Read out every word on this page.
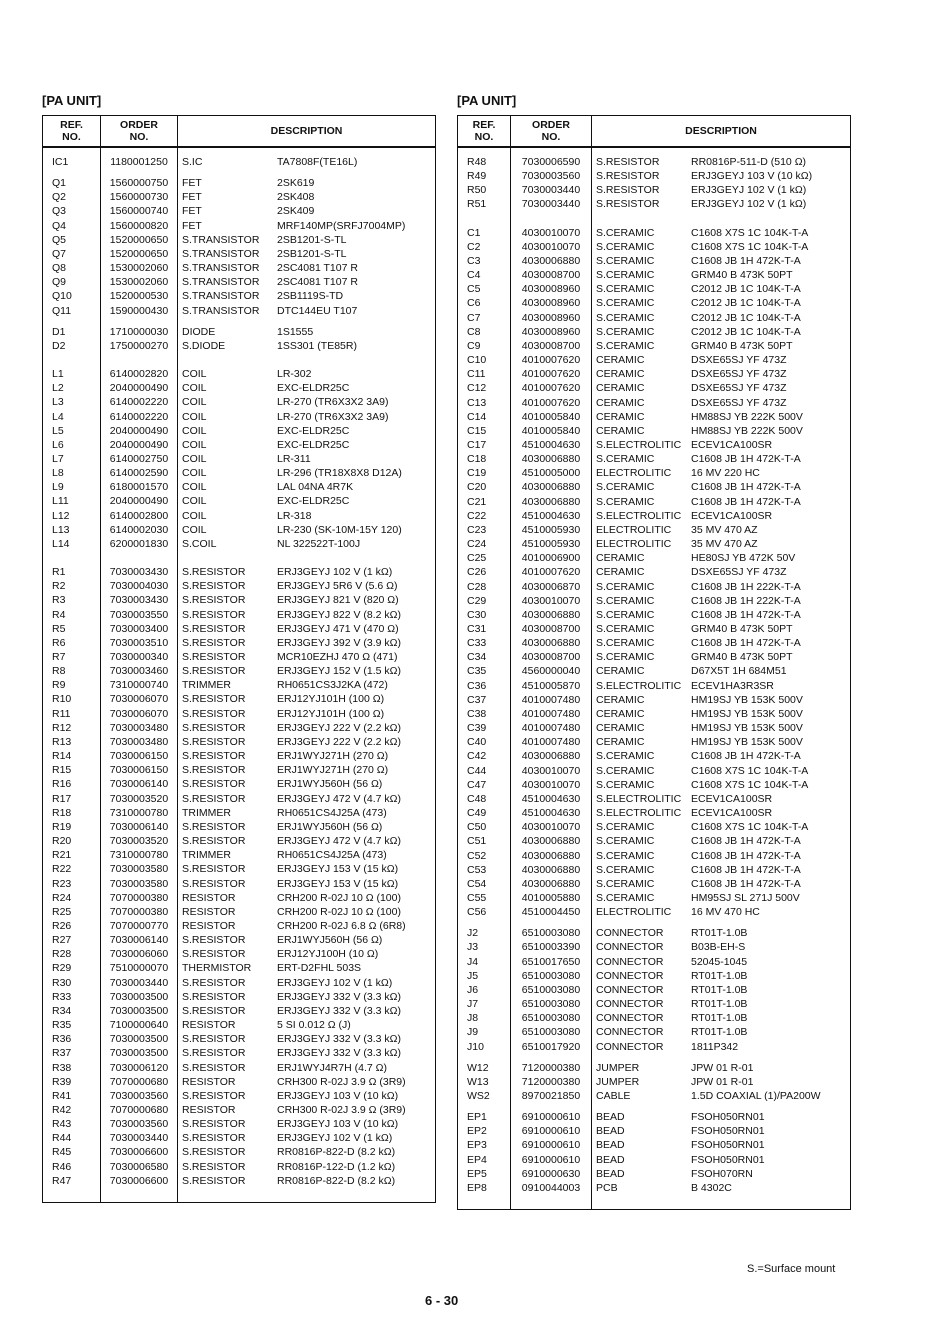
[PA UNIT]
REF.
NO.	ORDER
NO.	DESCRIPTION

IC1	1180001250	S.IC TA7808F(TE16L)

Q1	1560000750	FET 2SK619
Q2	1560000730	FET 2SK408
Q3	1560000740	FET 2SK409
Q4	1560000820	FET MRF140MP(SRFJ7004MP)
Q5	1520000650	S.TRANSISTOR 2SB1201-S-TL
Q7	1520000650	S.TRANSISTOR 2SB1201-S-TL
Q8	1530002060	S.TRANSISTOR 2SC4081 T107 R
Q9	1530002060	S.TRANSISTOR 2SC4081 T107 R
Q10	1520000530	S.TRANSISTOR 2SB1119S-TD
Q11	1590000430	S.TRANSISTOR DTC144EU T107

D1	1710000030	DIODE 1S1555
D2	1750000270	S.DIODE 1SS301 (TE85R)

L1	6140002820	COIL LR-302
L2	2040000490	COIL EXC-ELDR25C
L3	6140002220	COIL LR-270 (TR6X3X2 3A9)
L4	6140002220	COIL LR-270 (TR6X3X2 3A9)
L5	2040000490	COIL EXC-ELDR25C
L6	2040000490	COIL EXC-ELDR25C
L7	6140002750	COIL LR-311
L8	6140002590	COIL LR-296 (TR18X8X8 D12A)
L9	6180001570	COIL LAL 04NA 4R7K
L11	2040000490	COIL EXC-ELDR25C
L12	6140002800	COIL LR-318
L13	6140002030	COIL LR-230 (SK-10M-15Y 120)
L14	6200001830	S.COIL NL 322522T-100J

R1	7030003430	S.RESISTOR ERJ3GEYJ 102 V (1 kΩ)
R2	7030004030	S.RESISTOR ERJ3GEYJ 5R6 V (5.6 Ω)
R3	7030003430	S.RESISTOR ERJ3GEYJ 821 V (820 Ω)
R4	7030003550	S.RESISTOR ERJ3GEYJ 822 V (8.2 kΩ)
R5	7030003400	S.RESISTOR ERJ3GEYJ 471 V (470 Ω)
R6	7030003510	S.RESISTOR ERJ3GEYJ 392 V (3.9 kΩ)
R7	7030000340	S.RESISTOR MCR10EZHJ 470 Ω (471)
R8	7030003460	S.RESISTOR ERJ3GEYJ 152 V (1.5 kΩ)
R9	7310000740	TRIMMER RH0651CS3J2KA (472)
R10	7030006070	S.RESISTOR ERJ12YJ101H (100 Ω)
R11	7030006070	S.RESISTOR ERJ12YJ101H (100 Ω)
R12	7030003480	S.RESISTOR ERJ3GEYJ 222 V (2.2 kΩ)
R13	7030003480	S.RESISTOR ERJ3GEYJ 222 V (2.2 kΩ)
R14	7030006150	S.RESISTOR ERJ1WYJ271H (270 Ω)
R15	7030006150	S.RESISTOR ERJ1WYJ271H (270 Ω)
R16	7030006140	S.RESISTOR ERJ1WYJ560H (56 Ω)
R17	7030003520	S.RESISTOR ERJ3GEYJ 472 V (4.7 kΩ)
R18	7310000780	TRIMMER RH0651CS4J25A (473)
R19	7030006140	S.RESISTOR ERJ1WYJ560H (56 Ω)
R20	7030003520	S.RESISTOR ERJ3GEYJ 472 V (4.7 kΩ)
R21	7310000780	TRIMMER RH0651CS4J25A (473)
R22	7030003580	S.RESISTOR ERJ3GEYJ 153 V (15 kΩ)
R23	7030003580	S.RESISTOR ERJ3GEYJ 153 V (15 kΩ)
R24	7070000380	RESISTOR CRH200 R-02J 10 Ω (100)
R25	7070000380	RESISTOR CRH200 R-02J 10 Ω (100)
R26	7070000770	RESISTOR CRH200 R-02J 6.8 Ω (6R8)
R27	7030006140	S.RESISTOR ERJ1WYJ560H (56 Ω)
R28	7030006060	S.RESISTOR ERJ12YJ100H (10 Ω)
R29	7510000070	THERMISTOR ERT-D2FHL 503S
R30	7030003440	S.RESISTOR ERJ3GEYJ 102 V (1 kΩ)
R33	7030003500	S.RESISTOR ERJ3GEYJ 332 V (3.3 kΩ)
R34	7030003500	S.RESISTOR ERJ3GEYJ 332 V (3.3 kΩ)
R35	7100000640	RESISTOR 5 SI 0.012 Ω (J)
R36	7030003500	S.RESISTOR ERJ3GEYJ 332 V (3.3 kΩ)
R37	7030003500	S.RESISTOR ERJ3GEYJ 332 V (3.3 kΩ)
R38	7030006120	S.RESISTOR ERJ1WYJ4R7H (4.7 Ω)
R39	7070000680	RESISTOR CRH300 R-02J 3.9 Ω (3R9)
R41	7030003560	S.RESISTOR ERJ3GEYJ 103 V (10 kΩ)
R42	7070000680	RESISTOR CRH300 R-02J 3.9 Ω (3R9)
R43	7030003560	S.RESISTOR ERJ3GEYJ 103 V (10 kΩ)
R44	7030003440	S.RESISTOR ERJ3GEYJ 102 V (1 kΩ)
R45	7030006600	S.RESISTOR RR0816P-822-D (8.2 kΩ)
R46	7030006580	S.RESISTOR RR0816P-122-D (1.2 kΩ)
R47	7030006600	S.RESISTOR RR0816P-822-D (8.2 kΩ)

[PA UNIT]
REF.
NO.	ORDER
NO.	DESCRIPTION

R48	7030006590	S.RESISTOR RR0816P-511-D (510 Ω)
R49	7030003560	S.RESISTOR ERJ3GEYJ 103 V (10 kΩ)
R50	7030003440	S.RESISTOR ERJ3GEYJ 102 V (1 kΩ)
R51	7030003440	S.RESISTOR ERJ3GEYJ 102 V (1 kΩ)

C1	4030010070	S.CERAMIC C1608 X7S 1C 104K-T-A
C2	4030010070	S.CERAMIC C1608 X7S 1C 104K-T-A
C3	4030006880	S.CERAMIC C1608 JB 1H 472K-T-A
C4	4030008700	S.CERAMIC GRM40 B 473K 50PT
C5	4030008960	S.CERAMIC C2012 JB 1C 104K-T-A
C6	4030008960	S.CERAMIC C2012 JB 1C 104K-T-A
C7	4030008960	S.CERAMIC C2012 JB 1C 104K-T-A
C8	4030008960	S.CERAMIC C2012 JB 1C 104K-T-A
C9	4030008700	S.CERAMIC GRM40 B 473K 50PT
C10	4010007620	CERAMIC DSXE65SJ YF 473Z
C11	4010007620	CERAMIC DSXE65SJ YF 473Z
C12	4010007620	CERAMIC DSXE65SJ YF 473Z
C13	4010007620	CERAMIC DSXE65SJ YF 473Z
C14	4010005840	CERAMIC HM88SJ YB 222K 500V
C15	4010005840	CERAMIC HM88SJ YB 222K 500V
C17	4510004630	S.ELECTROLITIC ECEV1CA100SR
C18	4030006880	S.CERAMIC C1608 JB 1H 472K-T-A
C19	4510005000	ELECTROLITIC 16 MV 220 HC
C20	4030006880	S.CERAMIC C1608 JB 1H 472K-T-A
C21	4030006880	S.CERAMIC C1608 JB 1H 472K-T-A
C22	4510004630	S.ELECTROLITIC ECEV1CA100SR
C23	4510005930	ELECTROLITIC 35 MV 470 AZ
C24	4510005930	ELECTROLITIC 35 MV 470 AZ
C25	4010006900	CERAMIC HE80SJ YB 472K 50V
C26	4010007620	CERAMIC DSXE65SJ YF 473Z
C28	4030006870	S.CERAMIC C1608 JB 1H 222K-T-A
C29	4030010070	S.CERAMIC C1608 JB 1H 222K-T-A
C30	4030006880	S.CERAMIC C1608 JB 1H 472K-T-A
C31	4030008700	S.CERAMIC GRM40 B 473K 50PT
C33	4030006880	S.CERAMIC C1608 JB 1H 472K-T-A
C34	4030008700	S.CERAMIC GRM40 B 473K 50PT
C35	4560000040	CERAMIC D67X5T 1H 684M51
C36	4510005870	S.ELECTROLITIC ECEV1HA3R3SR
C37	4010007480	CERAMIC HM19SJ YB 153K 500V
C38	4010007480	CERAMIC HM19SJ YB 153K 500V
C39	4010007480	CERAMIC HM19SJ YB 153K 500V
C40	4010007480	CERAMIC HM19SJ YB 153K 500V
C42	4030006880	S.CERAMIC C1608 JB 1H 472K-T-A
C44	4030010070	S.CERAMIC C1608 X7S 1C 104K-T-A
C47	4030010070	S.CERAMIC C1608 X7S 1C 104K-T-A
C48	4510004630	S.ELECTROLITIC ECEV1CA100SR
C49	4510004630	S.ELECTROLITIC ECEV1CA100SR
C50	4030010070	S.CERAMIC C1608 X7S 1C 104K-T-A
C51	4030006880	S.CERAMIC C1608 JB 1H 472K-T-A
C52	4030006880	S.CERAMIC C1608 JB 1H 472K-T-A
C53	4030006880	S.CERAMIC C1608 JB 1H 472K-T-A
C54	4030006880	S.CERAMIC C1608 JB 1H 472K-T-A
C55	4010005880	S.CERAMIC HM95SJ SL 271J 500V
C56	4510004450	ELECTROLITIC 16 MV 470 HC

J2	6510003080	CONNECTOR RT01T-1.0B
J3	6510003390	CONNECTOR B03B-EH-S
J4	6510017650	CONNECTOR 52045-1045
J5	6510003080	CONNECTOR RT01T-1.0B
J6	6510003080	CONNECTOR RT01T-1.0B
J7	6510003080	CONNECTOR RT01T-1.0B
J8	6510003080	CONNECTOR RT01T-1.0B
J9	6510003080	CONNECTOR RT01T-1.0B
J10	6510017920	CONNECTOR 1811P342

W12	7120000380	JUMPER JPW 01 R-01
W13	7120000380	JUMPER JPW 01 R-01
WS2	8970021850	CABLE 1.5D COAXIAL (1)/PA200W

EP1	6910000610	BEAD FSOH050RN01
EP2	6910000610	BEAD FSOH050RN01
EP3	6910000610	BEAD FSOH050RN01
EP4	6910000610	BEAD FSOH050RN01
EP5	6910000630	BEAD FSOH070RN
EP8	0910044003	PCB B 4302C

S.=Surface mount
6 - 30
